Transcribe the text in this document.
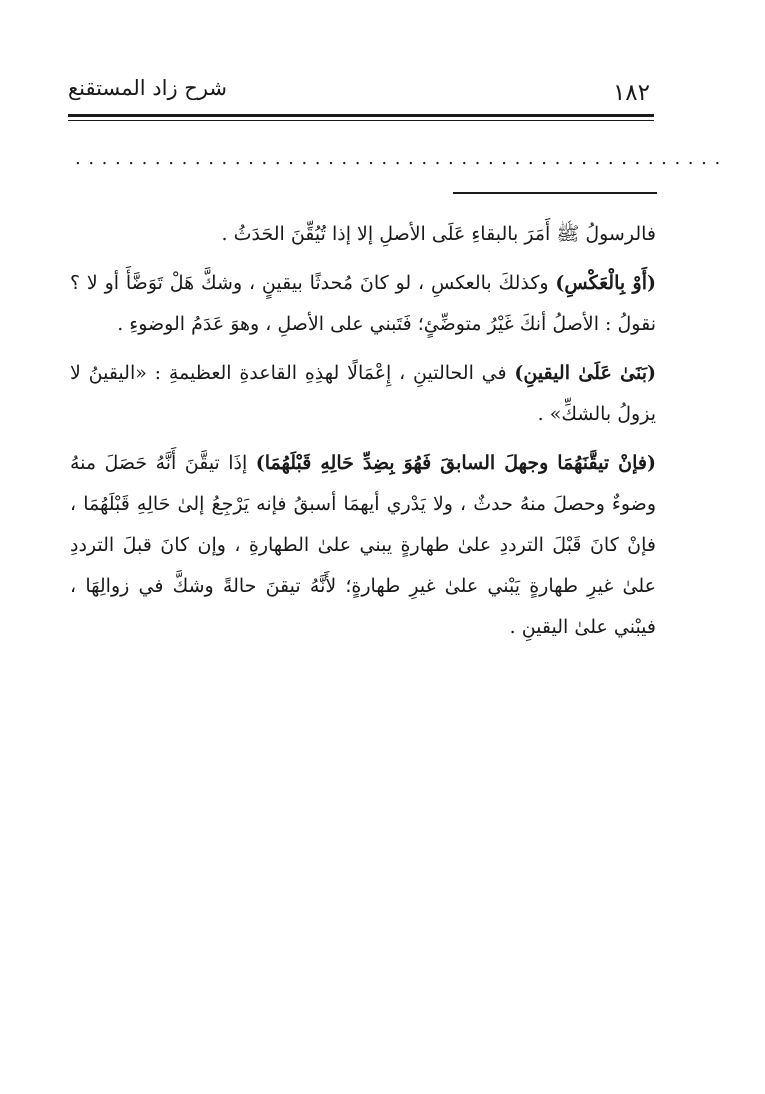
١٨٢
شرح زاد المستقنع
.................................................

فالرسولُ ﷺ أَمَرَ بالبقاءِ عَلَى الأصلِ إلا إذا تُيُقِّنَ الحَدَثُ .

(أَوْ بِالْعَكْسِ) وكذلكَ بالعكسِ ، لو كانَ مُحدثًا بيقينٍ ، وشكَّ هَلْ تَوَضَّأَ أو لا ؟ نقولُ : الأصلُ أنكَ غَيْرُ متوضِّئٍ؛ فَتَبني على الأصلِ ، وهوَ عَدَمُ الوضوءِ .

(بَنَىٰ عَلَىٰ اليقينِ) في الحالتينِ ، إِعْمَالًا لهذِهِ القاعدةِ العظيمةِ : «اليقينُ لا يزولُ بالشكِّ» .

(فإنْ تيقَّنَهُمَا وجهلَ السابقَ فَهُوَ بِضِدِّ حَالِهِ قَبْلَهُمَا) إذَا تيقَّنَ أَنَّهُ حَصَلَ منهُ وضوءٌ وحصلَ منهُ حدثٌ ، ولا يَدْري أيهمَا أسبقُ فإنه يَرْجِعُ إلىٰ حَالِهِ قَبْلَهُمَا ، فإنْ كانَ قَبْلَ الترددِ علىٰ طهارةٍ يبني علىٰ الطهارةِ ، وإن كانَ قبلَ الترددِ علىٰ غيرِ طهارةٍ يَبْني علىٰ غيرِ طهارةٍ؛ لأَنَّهُ تيقنَ حالةً وشكَّ في زوالِهَا ، فيبْني علىٰ اليقينِ .
